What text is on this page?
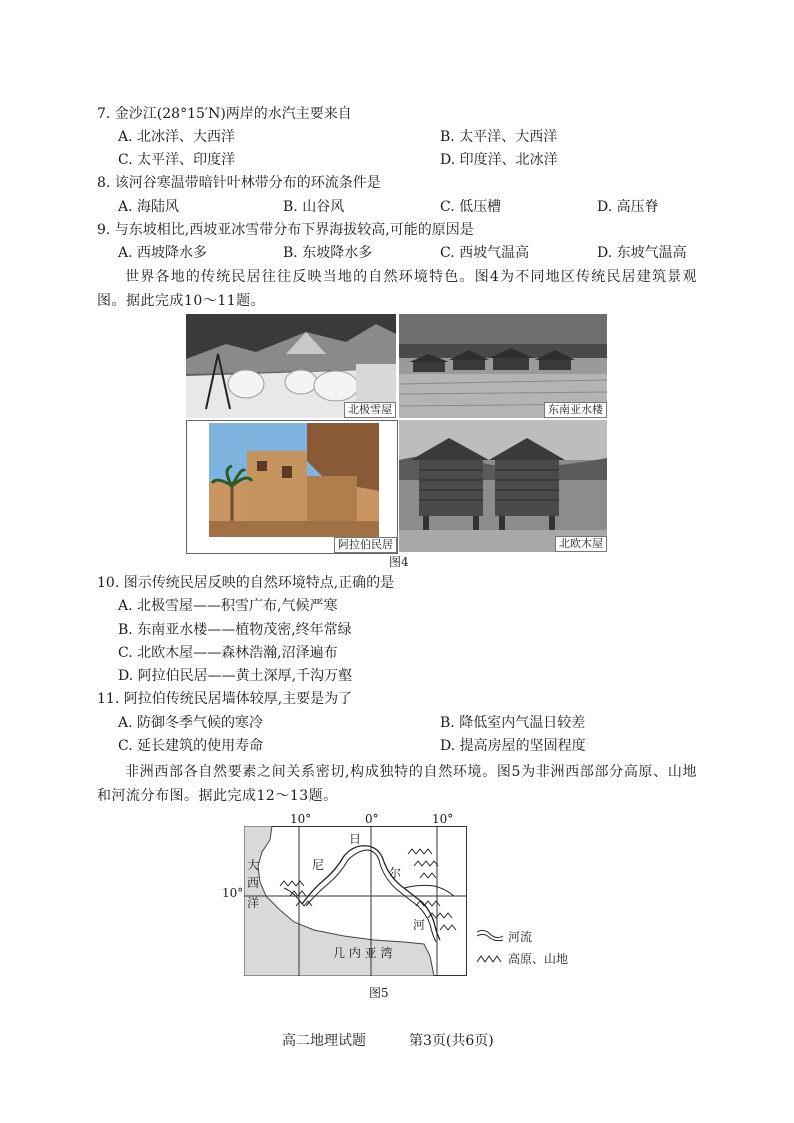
7. 金沙江(28°15′N)两岸的水汽主要来自
A. 北冰洋、大西洋	B. 太平洋、大西洋
C. 太平洋、印度洋	D. 印度洋、北冰洋
8. 该河谷寒温带暗针叶林带分布的环流条件是
A. 海陆风	B. 山谷风	C. 低压槽	D. 高压脊
9. 与东坡相比,西坡亚冰雪带分布下界海拔较高,可能的原因是
A. 西坡降水多	B. 东坡降水多	C. 西坡气温高	D. 东坡气温高
世界各地的传统民居往往反映当地的自然环境特色。图4为不同地区传统民居建筑景观图。据此完成10～11题。
北极雪屋	东南亚水楼
阿拉伯民居	北欧木屋
图4
10. 图示传统民居反映的自然环境特点,正确的是
A. 北极雪屋——积雪广布,气候严寒
B. 东南亚水楼——植物茂密,终年常绿
C. 北欧木屋——森林浩瀚,沼泽遍布
D. 阿拉伯民居——黄土深厚,千沟万壑
11. 阿拉伯传统民居墙体较厚,主要是为了
A. 防御冬季气候的寒冷	B. 降低室内气温日较差
C. 延长建筑的使用寿命	D. 提高房屋的坚固程度
非洲西部各自然要素之间关系密切,构成独特的自然环境。图5为非洲西部部分高原、山地和河流分布图。据此完成12～13题。
10°	0°	10°
10°
大
西
洋
尼
日
尔
河
几 内 亚 湾
河流
高原、山地
图5
高二地理试题	第3页(共6页)
